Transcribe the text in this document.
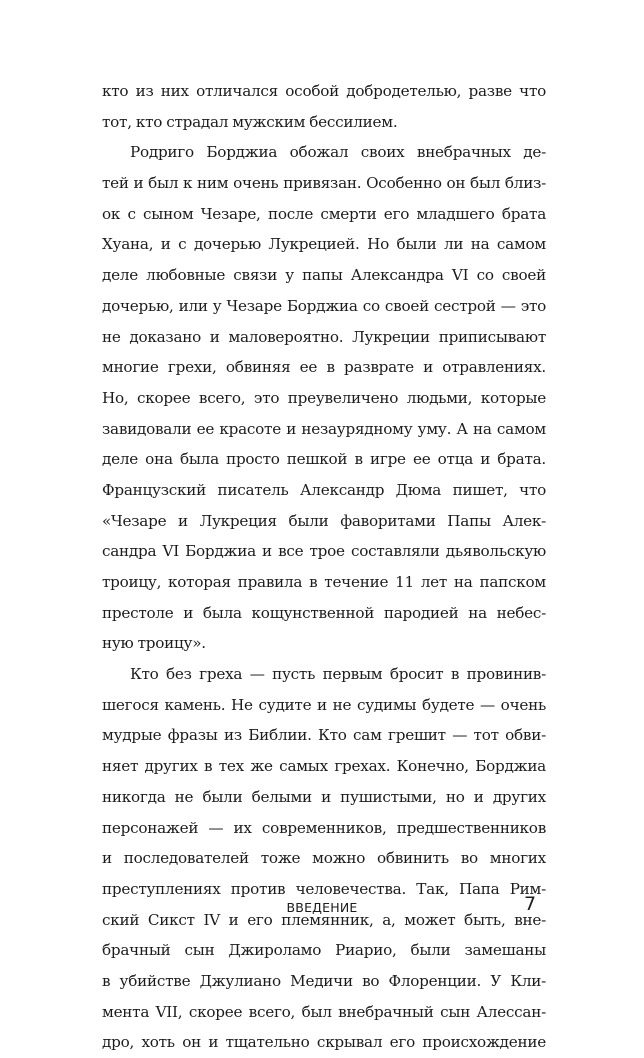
кто из них отличался особой добродетелью, разве что
тот, кто страдал мужским бессилием.
Родриго Борджиа обожал своих внебрачных де-
тей и был к ним очень привязан. Особенно он был близ-
ок с сыном Чезаре, после смерти его младшего брата
Хуана, и с дочерью Лукрецией. Но были ли на самом
деле любовные связи у папы Александра VI со своей
дочерью, или у Чезаре Борджиа со своей сестрой — это
не доказано и маловероятно. Лукреции приписывают
многие грехи, обвиняя ее в разврате и отравлениях.
Но, скорее всего, это преувеличено людьми, которые
завидовали ее красоте и незаурядному уму. А на самом
деле она была просто пешкой в игре ее отца и брата.
Французский писатель Александр Дюма пишет, что
«Чезаре и Лукреция были фаворитами Папы Алек-
сандра VI Борджиа и все трое составляли дьявольскую
троицу, которая правила в течение 11 лет на папском
престоле и была кощунственной пародией на небес-
ную троицу».
Кто без греха — пусть первым бросит в провинив-
шегося камень. Не судите и не судимы будете — очень
мудрые фразы из Библии. Кто сам грешит — тот обви-
няет других в тех же самых грехах. Конечно, Борджиа
никогда не были белыми и пушистыми, но и других
персонажей — их современников, предшественников
и последователей тоже можно обвинить во многих
преступлениях против человечества. Так, Папа Рим-
ский Сикст IV и его племянник, а, может быть, вне-
брачный сын Джироламо Риарио, были замешаны
в убийстве Джулиано Медичи во Флоренции. У Кли-
мента VII, скорее всего, был внебрачный сын Алессан-
дро, хоть он и тщательно скрывал его происхождение
ВВЕДЕНИЕ	7
